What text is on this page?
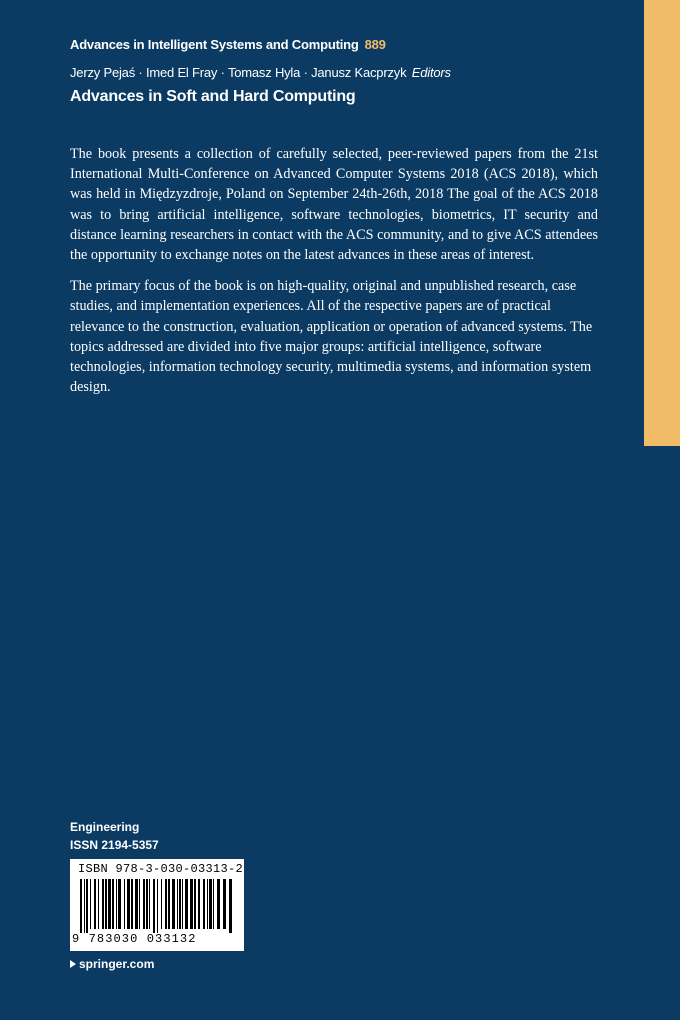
Advances in Intelligent Systems and Computing 889
Jerzy Pejaś · Imed El Fray · Tomasz Hyla · Janusz Kacprzyk Editors
Advances in Soft and Hard Computing

The book presents a collection of carefully selected, peer-reviewed papers from the 21st International Multi-Conference on Advanced Computer Systems 2018 (ACS 2018), which was held in Międzyzdroje, Poland on September 24th-26th, 2018 The goal of the ACS 2018 was to bring artificial intelligence, software technologies, biometrics, IT security and distance learning researchers in contact with the ACS community, and to give ACS attendees the opportunity to exchange notes on the latest advances in these areas of interest.

The primary focus of the book is on high-quality, original and unpublished research, case studies, and implementation experiences. All of the respective papers are of practical relevance to the construction, evaluation, application or operation of advanced systems. The topics addressed are divided into five major groups: artificial intelligence, software technologies, information technology security, multimedia systems, and information system design.

Engineering
ISSN 2194-5357
ISBN 978-3-030-03313-2
9 783030 033132
springer.com
